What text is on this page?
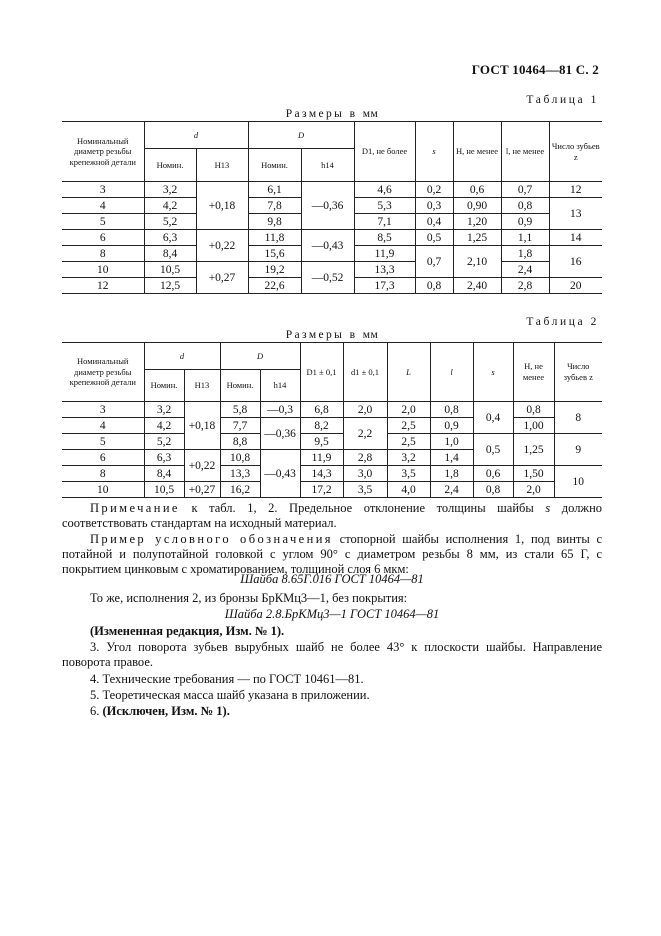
ГОСТ 10464—81 С. 2
Таблица 1
Размеры в мм
Номинальный диаметр резьбы крепежной детали	d		D		D1, не более	s	Н, не менее	l, не менее	Число зубьев z
	Номин.	Н13	Номин.	h14					
3	3,2	+0,18	6,1	—0,36	4,6	0,2	0,6	0,7	12
4	4,2		7,8		5,3	0,3	0,90	0,8	13
5	5,2		9,8		7,1	0,4	1,20	0,9	
6	6,3	+0,22	11,8	—0,43	8,5	0,5	1,25	1,1	14
8	8,4		15,6		11,9	0,7	2,10	1,8	16
10	10,5	+0,27	19,2	—0,52	13,3			2,4	
12	12,5		22,6		17,3	0,8	2,40	2,8	20
Таблица 2
Размеры в мм
Номинальный диаметр резьбы крепежной детали	d		D		D1 ± 0,1	d1 ± 0,1	L	l	s	Н, не менее	Число зубьев z
	Номин.	Н13	Номин.	h14							
3	3,2	+0,18	5,8	—0,3	6,8	2,0	2,0	0,8	0,4	0,8	8
4	4,2		7,7	—0,36	8,2	2,2	2,5	0,9		1,00	
5	5,2		8,8		9,5		2,5	1,0	0,5	1,25	9
6	6,3	+0,22	10,8	—0,43	11,9	2,8	3,2	1,4			
8	8,4		13,3		14,3	3,0	3,5	1,8	0,6	1,50	10
10	10,5	+0,27	16,2		17,2	3,5	4,0	2,4	0,8	2,0	
Примечание к табл. 1, 2. Предельное отклонение толщины шайбы s должно соответствовать стандартам на исходный материал.
Пример условного обозначения стопорной шайбы исполнения 1, под винты с потайной и полупотайной головкой с углом 90° с диаметром резьбы 8 мм, из стали 65 Г, с покрытием цинковым с хроматированием, толщиной слоя 6 мкм:
Шайба 8.65Г.016 ГОСТ 10464—81
То же, исполнения 2, из бронзы БрКМц3—1, без покрытия:
Шайба 2.8.БрКМц3—1 ГОСТ 10464—81
(Измененная редакция, Изм. № 1).
3. Угол поворота зубьев вырубных шайб не более 43° к плоскости шайбы. Направление поворота правое.
4. Технические требования — по ГОСТ 10461—81.
5. Теоретическая масса шайб указана в приложении.
6. (Исключен, Изм. № 1).
